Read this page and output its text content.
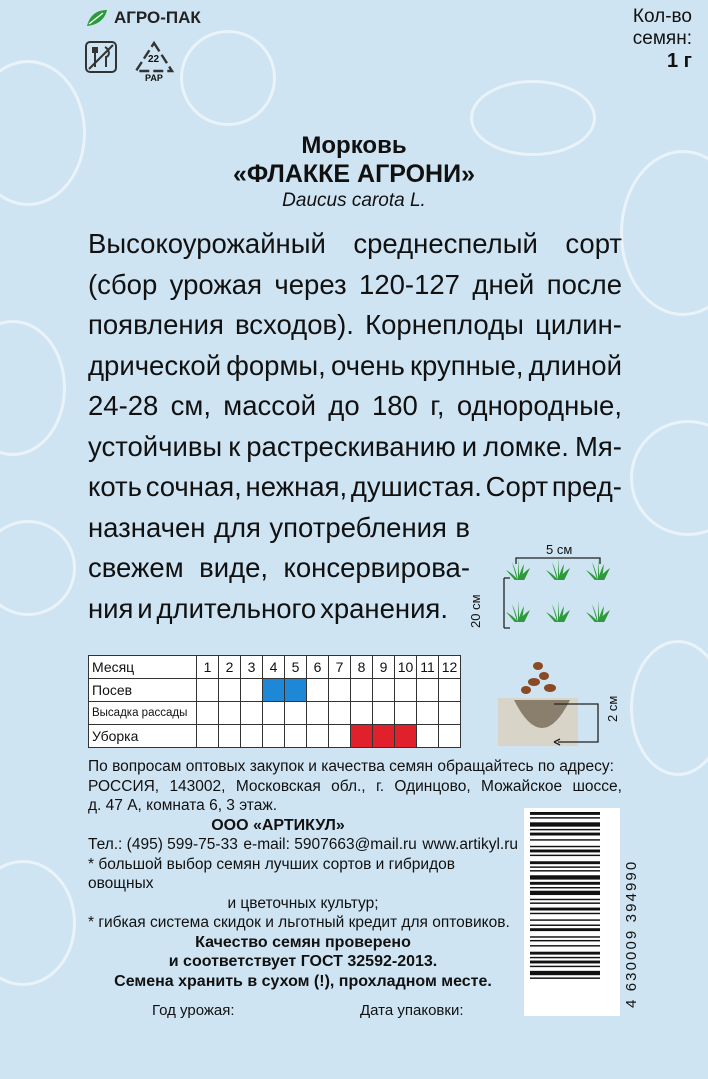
АГРО-ПАК	Кол-во
семян:
1 г
22
PAP
Морковь
«ФЛАККЕ АГРОНИ»
Daucus carota L.
Высокоурожайный среднеспелый сорт
(сбор урожая через 120-127 дней после
появления всходов). Корнеплоды цилин-
дрической формы, очень крупные, длиной
24-28 см, массой до 180 г, однородные,
устойчивы к растрескиванию и ломке. Мя-
коть сочная, нежная, душистая. Сорт пред-
назначен для употребления в
свежем виде, консервирова-
ния и длительного хранения.
5 см
20 см
Месяц	1	2	3	4	5	6	7	8	9	10	11	12
Посев												
Высадка рассады												
Уборка												
2 см
По вопросам оптовых закупок и качества семян обращайтесь по адресу:
РОССИЯ, 143002, Московская обл., г. Одинцово, Можайское шоссе,
д. 47 А, комната 6, 3 этаж.
ООО «АРТИКУЛ»
Тел.: (495) 599-75-33 e-mail: 5907663@mail.ru www.artikyl.ru
* большой выбор семян лучших сортов и гибридов овощных
и цветочных культур;
* гибкая система скидок и льготный кредит для оптовиков.
Качество семян проверено
и соответствует ГОСТ 32592-2013.
Семена хранить в сухом (!), прохладном месте.	4 630009 394990
Год урожая:	Дата упаковки:
